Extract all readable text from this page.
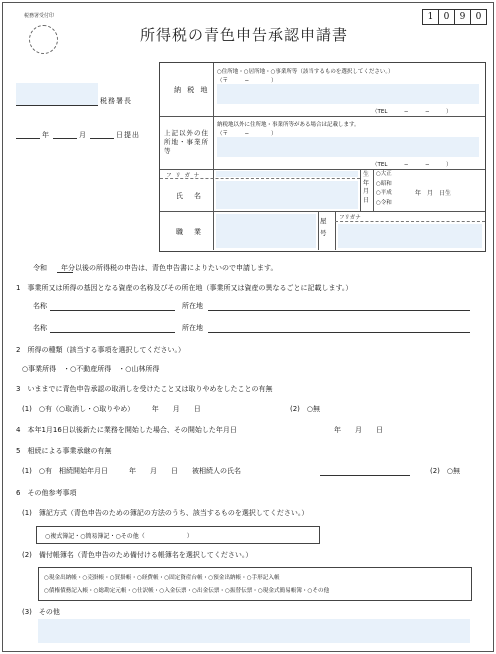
税務署受付印
所得税の青色申告承認申請書
1	0	9	0
税務署長
年	月	日提出
納 税 地
○住所地・○居所地・○事業所等（該当するものを選択してください。）
（〒　　　−　　　　）
（TEL　　　−　　　−　　　）
上記以外の住所地・事業所等
納税地以外に住所地・事業所等がある場合は記載します。
（〒　　　−　　　　）
（TEL　　　−　　　−　　　）
フ リ ガ ナ
氏　名
生年月日
○大正
○昭和
○平成
○令和
年　月　日生
職　業
屋　号
フリガナ
令和　　年分以後の所得税の申告は、青色申告書によりたいので申請します。
1　事業所又は所得の基因となる資産の名称及びその所在地（事業所又は資産の異なるごとに記載します。）
名称	所在地
名称	所在地
2　所得の種類（該当する事項を選択してください。）
○事業所得　・○不動産所得　・○山林所得
3　いままでに青色申告承認の取消しを受けたこと又は取りやめをしたことの有無
(1)　○有（○取消し・○取りやめ）　　　年　　月　　日	(2)　○無
4　本年1月16日以後新たに業務を開始した場合、その開始した年月日	年　　月　　日
5　相続による事業承継の有無
(1)　○有　相続開始年月日　　　年　　月　　日　　被相続人の氏名	(2)　○無
6　その他参考事項
(1)　簿記方式（青色申告のための簿記の方法のうち、該当するものを選択してください。）
○複式簿記・○簡易簿記・○その他（　　　　　　　）
(2)　備付帳簿名（青色申告のため備付ける帳簿名を選択してください。）
○現金出納帳・○売掛帳・○買掛帳・○経費帳・○固定資産台帳・○預金出納帳・○手形記入帳
○債権債務記入帳・○総勘定元帳・○仕訳帳・○入金伝票・○出金伝票・○振替伝票・○現金式簡易帳簿・○その他
(3)　その他
